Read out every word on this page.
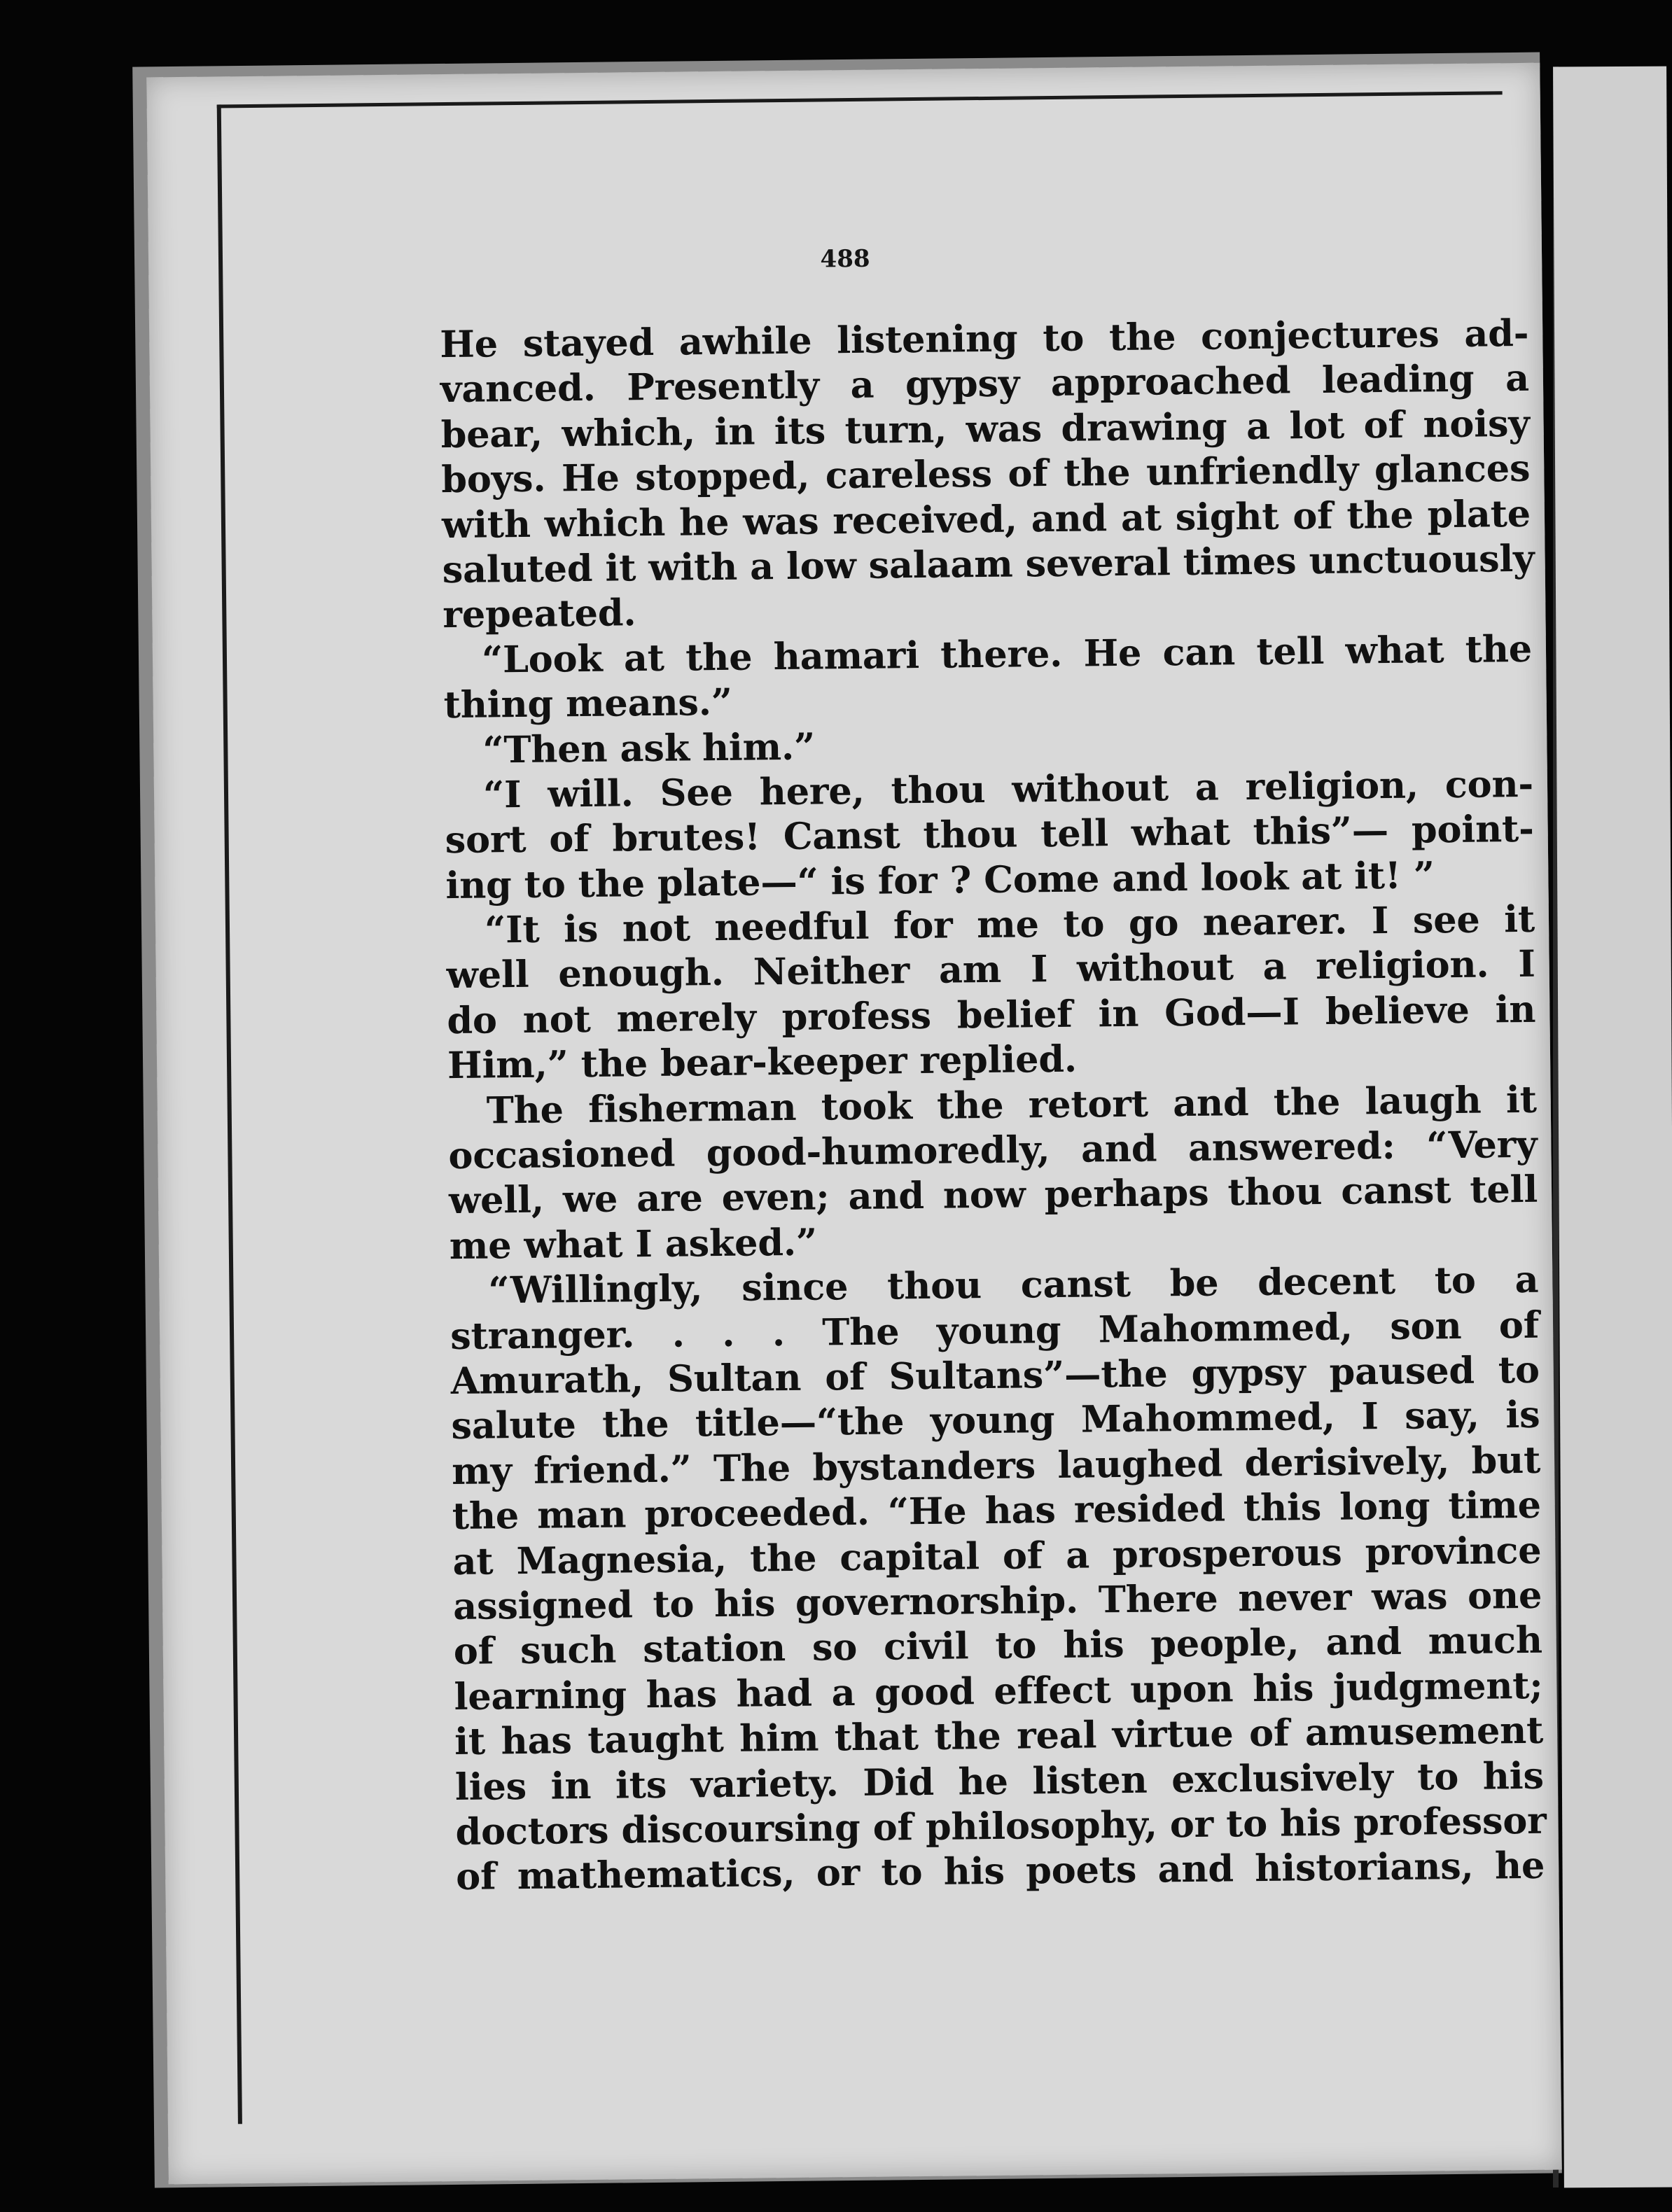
488
He stayed awhile listening to the conjectures ad-
vanced. Presently a gypsy approached leading a
bear, which, in its turn, was drawing a lot of noisy
boys. He stopped, careless of the unfriendly glances
with which he was received, and at sight of the plate
saluted it with a low salaam several times unctuously
repeated.
“Look at the hamari there. He can tell what the
thing means.”
“Then ask him.”
“I will. See here, thou without a religion, con-
sort of brutes! Canst thou tell what this”— point-
ing to the plate—“ is for ? Come and look at it! ”
“It is not needful for me to go nearer. I see it
well enough. Neither am I without a religion. I
do not merely profess belief in God—I believe in
Him,” the bear-keeper replied.
The fisherman took the retort and the laugh it
occasioned good-humoredly, and answered: “Very
well, we are even; and now perhaps thou canst tell
me what I asked.”
“Willingly, since thou canst be decent to a
stranger. . . . The young Mahommed, son of
Amurath, Sultan of Sultans”—the gypsy paused to
salute the title—“the young Mahommed, I say, is
my friend.” The bystanders laughed derisively, but
the man proceeded. “He has resided this long time
at Magnesia, the capital of a prosperous province
assigned to his governorship. There never was one
of such station so civil to his people, and much
learning has had a good effect upon his judgment;
it has taught him that the real virtue of amusement
lies in its variety. Did he listen exclusively to his
doctors discoursing of philosophy, or to his professor
of mathematics, or to his poets and historians, he
